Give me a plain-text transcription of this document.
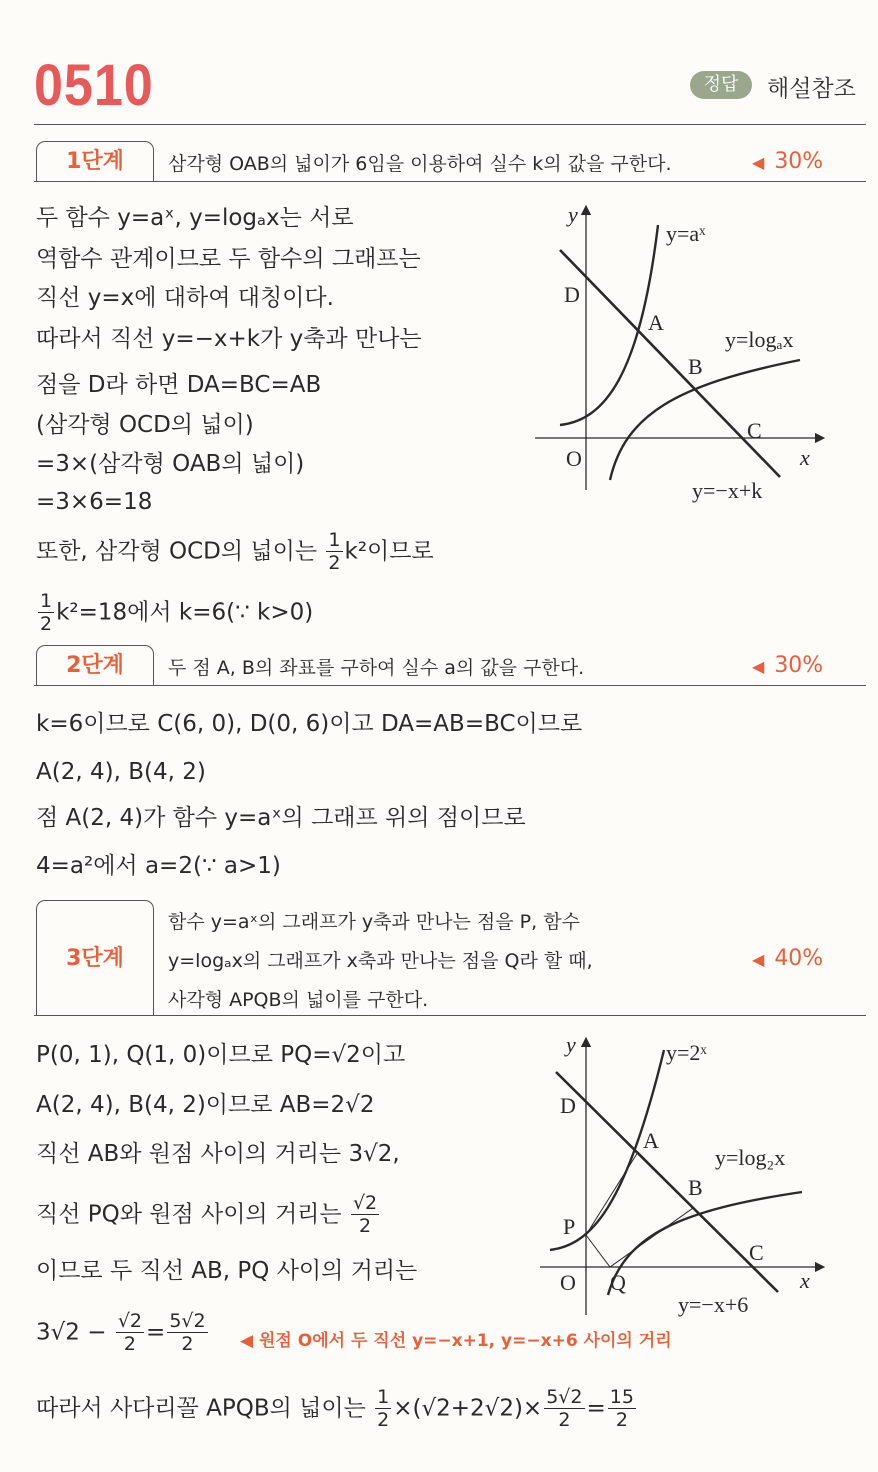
0510	정답	해설참조
1단계	삼각형 OAB의 넓이가 6임을 이용하여 실수 k의 값을 구한다.	◀ 30%
두 함수 y=aˣ, y=logₐx는 서로
역함수 관계이므로 두 함수의 그래프는
직선 y=x에 대하여 대칭이다.
따라서 직선 y=−x+k가 y축과 만나는
점을 D라 하면 DA=BC=AB
(삼각형 OCD의 넓이)
=3×(삼각형 OAB의 넓이)
=3×6=18
또한, 삼각형 OCD의 넓이는 $\frac{1}{2} k^2$이므로
$\frac{1}{2} k^2=18$에서 k=6(∵ k>0)
y
y=aˣ
D
A
y=logₐx
B
C
O	x
y=−x+k
2단계	두 점 A, B의 좌표를 구하여 실수 a의 값을 구한다.	◀ 30%
k=6이므로 C(6, 0), D(0, 6)이고 DA=AB=BC이므로
A(2, 4), B(4, 2)
점 A(2, 4)가 함수 y=aˣ의 그래프 위의 점이므로
4=a²에서 a=2(∵ a>1)
3단계
함수 y=aˣ의 그래프가 y축과 만나는 점을 P, 함수
y=logₐx의 그래프가 x축과 만나는 점을 Q라 할 때,
사각형 APQB의 넓이를 구한다.
◀ 40%
P(0, 1), Q(1, 0)이므로 PQ=√2이고
A(2, 4), B(4, 2)이므로 AB=2√2
직선 AB와 원점 사이의 거리는 3√2,
직선 PQ와 원점 사이의 거리는 $\frac{√2}{2}$
이므로 두 직선 AB, PQ 사이의 거리는
$3√2 - \frac{√2}{2} = \frac{5√2}{2}$ ◀ 원점 O에서 두 직선 y=−x+1, y=−x+6 사이의 거리
따라서 사다리꼴 APQB의 넓이는 $\frac{1}{2} \times(√2+2√2)\times \frac{5√2}{2} = \frac{15}{2}$
y	y=2ˣ
D
A
y=log₂x
B
P
C
O Q	x
y=−x+6
